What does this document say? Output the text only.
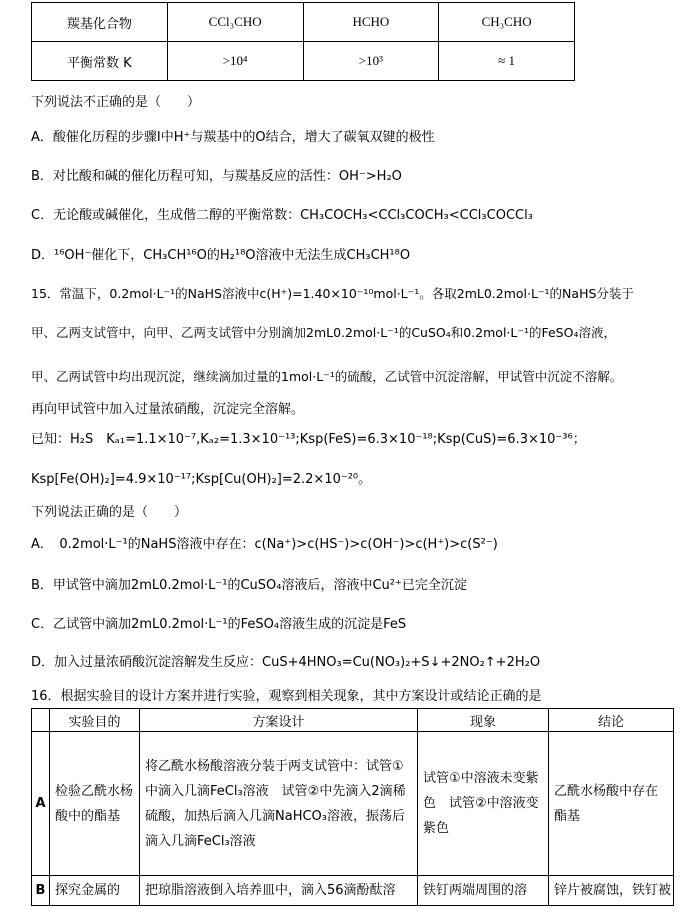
羰基化合物	CCl₃CHO	HCHO	CH₃CHO
平衡常数 K	>10⁴	>10³	≈ 1
下列说法不正确的是（　　）
A．酸催化历程的步骤Ⅰ中H⁺与羰基中的O结合，增大了碳氧双键的极性
B．对比酸和碱的催化历程可知，与羰基反应的活性：OH⁻>H₂O
C．无论酸或碱催化，生成偕二醇的平衡常数：CH₃COCH₃<CCl₃COCH₃<CCl₃COCCl₃
D．¹⁶OH⁻催化下，CH₃CH¹⁶O的H₂¹⁸O溶液中无法生成CH₃CH¹⁸O
15．常温下，0.2mol·L⁻¹的NaHS溶液中c(H⁺)=1.40×10⁻¹⁰mol·L⁻¹。各取2mL0.2mol·L⁻¹的NaHS分装于
甲、乙两支试管中，向甲、乙两支试管中分别滴加2mL0.2mol·L⁻¹的CuSO₄和0.2mol·L⁻¹的FeSO₄溶液，
甲、乙两试管中均出现沉淀，继续滴加过量的1mol·L⁻¹的硫酸，乙试管中沉淀溶解，甲试管中沉淀不溶解。
再向甲试管中加入过量浓硝酸，沉淀完全溶解。
已知：H₂S　Kₐ₁=1.1×10⁻⁷,Kₐ₂=1.3×10⁻¹³;Ksp(FeS)=6.3×10⁻¹⁸;Ksp(CuS)=6.3×10⁻³⁶；
Ksp[Fe(OH)₂]=4.9×10⁻¹⁷;Ksp[Cu(OH)₂]=2.2×10⁻²⁰。
下列说法正确的是（　　）
A．　0.2mol·L⁻¹的NaHS溶液中存在：c(Na⁺)>c(HS⁻)>c(OH⁻)>c(H⁺)>c(S²⁻)
B．甲试管中滴加2mL0.2mol·L⁻¹的CuSO₄溶液后，溶液中Cu²⁺已完全沉淀
C．乙试管中滴加2mL0.2mol·L⁻¹的FeSO₄溶液生成的沉淀是FeS
D．加入过量浓硝酸沉淀溶解发生反应：CuS+4HNO₃=Cu(NO₃)₂+S↓+2NO₂↑+2H₂O
16．根据实验目的设计方案并进行实验，观察到相关现象，其中方案设计或结论正确的是
	实验目的	方案设计	现象	结论
A	检验乙酰水杨酸中的酯基	将乙酰水杨酸溶液分装于两支试管中：试管①中滴入几滴FeCl₃溶液　试管②中先滴入2滴稀硫酸，加热后滴入几滴NaHCO₃溶液，振荡后滴入几滴FeCl₃溶液	试管①中溶液未变紫色　试管②中溶液变紫色	乙酰水杨酸中存在酯基
B	探究金属的	把琼脂溶液倒入培养皿中，滴入56滴酚酞溶	铁钉两端周围的溶	锌片被腐蚀，铁钉被
